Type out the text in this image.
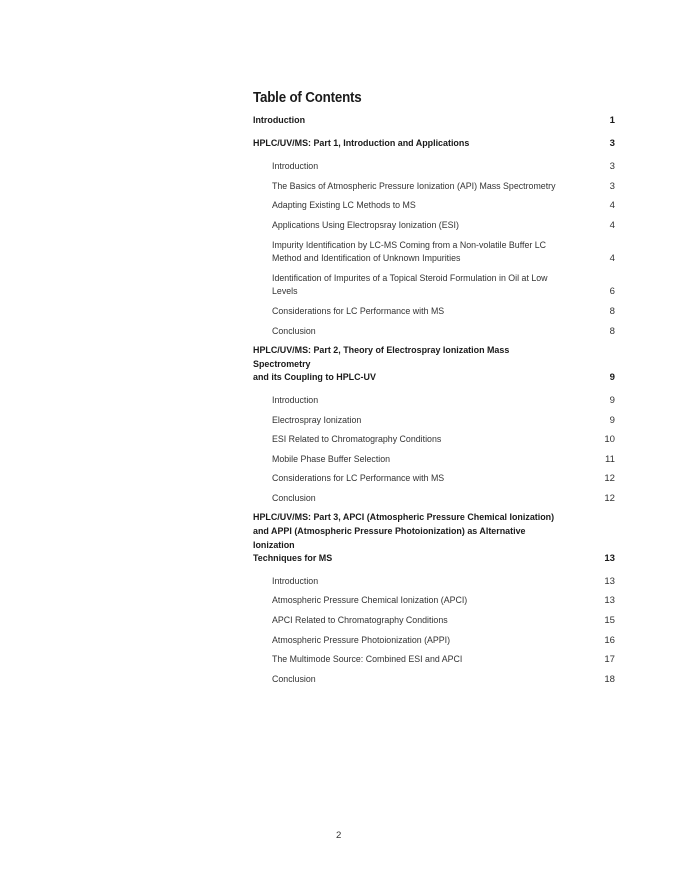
Table of Contents
Introduction	1
HPLC/UV/MS: Part 1, Introduction and Applications	3
Introduction	3
The Basics of Atmospheric Pressure Ionization (API) Mass Spectrometry	3
Adapting Existing LC Methods to MS	4
Applications Using Electropsray Ionization (ESI)	4
Impurity Identification by LC-MS Coming from a Non-volatile Buffer LC
Method and Identification of Unknown Impurities	4
Identification of Impurites of a Topical Steroid Formulation in Oil at Low Levels	6
Considerations for LC Performance with MS	8
Conclusion	8
HPLC/UV/MS: Part 2, Theory of Electrospray Ionization Mass Spectrometry
and its Coupling to HPLC-UV	9
Introduction	9
Electrospray Ionization	9
ESI Related to Chromatography Conditions	10
Mobile Phase Buffer Selection	11
Considerations for LC Performance with MS	12
Conclusion	12
HPLC/UV/MS: Part 3, APCI (Atmospheric Pressure Chemical Ionization)
and APPI (Atmospheric Pressure Photoionization) as Alternative Ionization
Techniques for MS	13
Introduction	13
Atmospheric Pressure Chemical Ionization (APCI)	13
APCI Related to Chromatography Conditions	15
Atmospheric Pressure Photoionization (APPI)	16
The Multimode Source: Combined ESI and APCI	17
Conclusion	18
2
